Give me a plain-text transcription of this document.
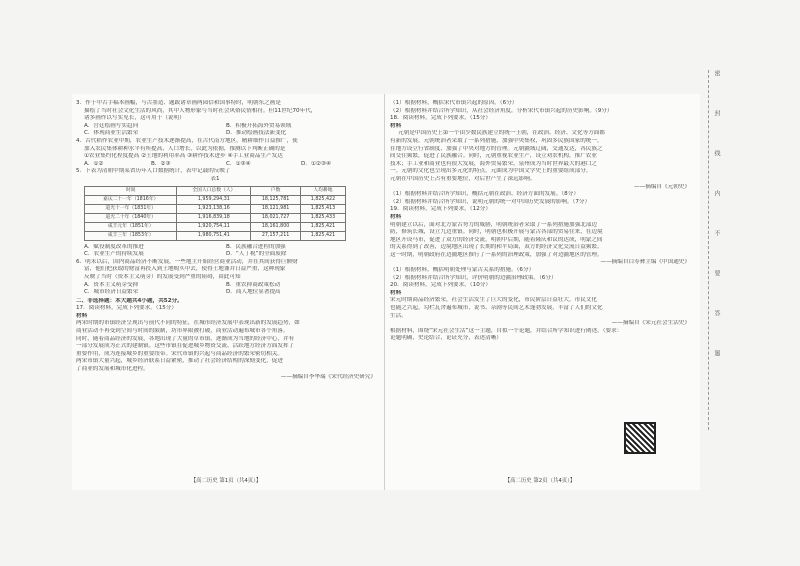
3．作于中古手稿本画幅，与古墨造、题跋诸章画两园信和国事特时，明朝东之画是

描绘了当时社会文化生活的风尚，其中人物形象与当时社会风俗民情相符。但11世纪70年代，

诸多画作以写实见长，这可用于（说明）

A．宫廷绘画写实趋向	B．积极开拓海外贸易领域

C．体现商业生活繁荣	D．推动绘画技法新变化

4．古代稻作农业中期，农业生产技术逐渐提高，在古代南方地区，精耕细作日益推广，使

加入农民集体耕种水平有所提高，人口增长，以此为依据，推测以下判断正确的是

①农业集约化程度提高 ②土地的利用率高 ③耕作技术进步 ④手工业商品生产发达

A．①②	B．②③	C．①③④	D．①②③④

5．下表为清朝中期某省历年人口数据统计，表中记载的反映了

表1

时间	全国人口总数（人）	户数	人均耕地
嘉庆二十一年（1816年）	1,959,294,31	18,125,781	1,825,422
道光十一年（1831年）	1,923,138,16	18,121,981	1,825,413
道光二十年（1840年）	1,916,839,18	18,021,727	1,825,433
咸丰元年（1851年）	1,920,754,11	18,161,800	1,825,421
咸丰三年（1853年）	1,980,751,41	27,157,211	1,825,421

A．赋役制度改革的推进	B．民族融合进程的加强

C．农业生产的持续发展	D．“人丁税”的全面废除

6．明末以后，国内商品经济不断发展，一些地主开始经营商业活动，并在其间获得巨额财

富，他们把获取的财富再投入到土地购买中去，使得土地兼并日益严重，这种现象

反映了当时（资本主义萌芽）的发展受到严重的阻碍，由此可知

A．资本主义萌芽受抑	B．重农抑商政策松动

C．城市经济日益繁荣	D．商人地位显著提高

二、非选择题：本大题共4小题，共52分。

17．阅读材料，完成下列要求。（15分）

材料

两宋时期的市镇经济呈现出与前代不同的特征，在城市经济发展中表现出新的发展趋势，如

商业活动不再受到空间与时间的限制，坊市界限被打破，商业活动遍布城市各个角落。

同时，随着商品经济的发展，各地出现了大量的草市镇，逐渐成为当地的经济中心，并有

一部分发展成为正式的建制镇。这些市镇在促进城乡物资交流、活跃地方经济方面发挥了

重要作用，成为连接城乡的重要纽带。宋代市镇的兴起与商品经济的繁荣密切相关。

两宋市镇大量兴起，城乡经济联系日益紧密，推动了社会经济结构的深刻变化，促进

了商业的发展和城市化进程。

——摘编自李华瑞《宋代经济史研究》

【高二历史 第1页（共4页）】

（1）根据材料，概括宋代市镇兴起的原因。（6分）

（2）根据材料并结合所学知识，从社会经济角度，分析宋代市镇兴起的历史影响。（9分）

18．阅读材料，完成下列要求。（15分）

材料

元朝是中国历史上第一个由少数民族建立的统一王朝，在政治、经济、文化等方面都

有新的发展。元朝统治者采取了一系列措施，加强中央集权，巩固多民族国家的统一。

在地方设立行省制度，加强了中央对地方的管理。元朝疆域辽阔，交通发达，各民族之

间交往频繁，促进了民族融合。同时，元朝重视农业生产，设立劝农机构，推广农业

技术；手工业和商业也有很大发展，海外贸易繁荣，泉州成为当时世界最大的港口之

一。元朝的文化也呈现出多元化的特点，元曲成为中国文学史上的重要组成部分。

元朝在中国历史上占有重要地位，对后世产生了深远影响。

——摘编自《元朝史》

（1）根据材料并结合所学知识，概括元朝在政治、经济方面的发展。（8分）

（2）根据材料并结合所学知识，说明元朝的统一对中国历史发展的影响。（7分）

19．阅读材料，完成下列要求。（12分）

材料

明朝建立以后，面对北方蒙古势力的威胁，明朝统治者采取了一系列措施加强北部边

防，修筑长城，设立九边重镇。同时，明朝也积极开展与蒙古各部的贸易往来，在边境

地区开设马市，促进了双方的经济交流。明朝中后期，随着隆庆和议的达成，明蒙之间

的关系得到了改善，边境地区出现了长期的和平局面，双方的经济文化交流日益频繁。

这一时期，明朝政府在边疆地区推行了一系列的治理政策，加强了对边疆地区的管理。

——摘编自白寿彝主编《中国通史》

（1）根据材料，概括明朝处理与蒙古关系的措施。（6分）

（2）根据材料并结合所学知识，评价明朝的边疆治理政策。（6分）

20．阅读材料，完成下列要求。（10分）

材料

宋元时期商品经济繁荣，社会生活发生了巨大的变化，市民阶层日益壮大，市民文化

也随之兴起。勾栏瓦舍遍布城市，说书、杂剧等民间艺术蓬勃发展，丰富了人们的文化

生活。

——摘编自《宋元社会生活史》

根据材料，围绕“宋元社会生活”这一主题，自拟一个论题，并结合所学知识进行阐述。（要求：

论题明确，史论结合，论证充分，表述清晰）

【高二历史 第2页（共4页）】
密
封
线
内
不
要
答
题
